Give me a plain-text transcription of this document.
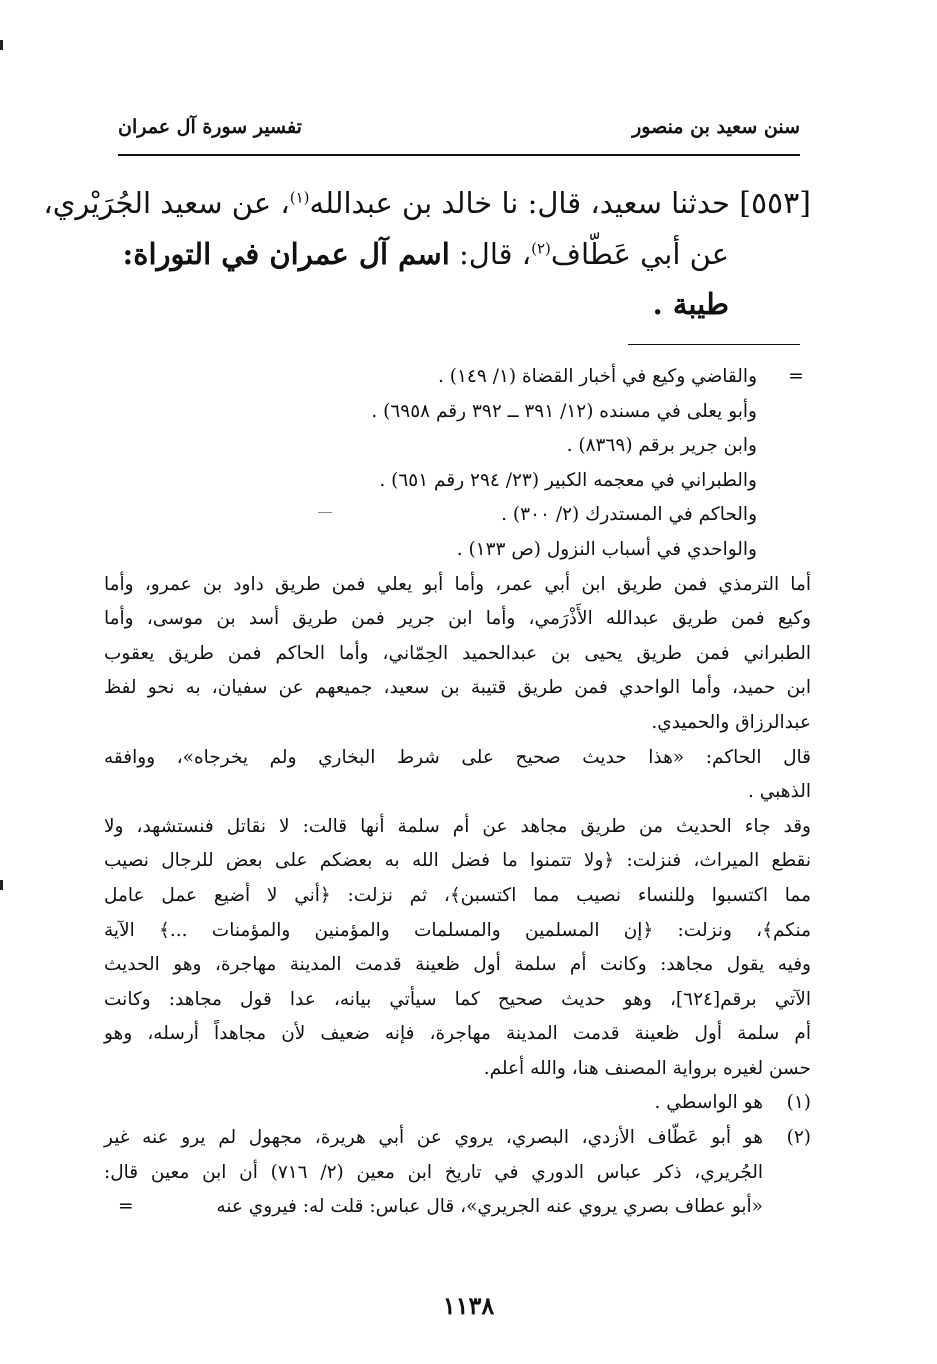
سنن سعيد بن منصور
تفسير سورة آل عمران
[٥٥٣] حدثنا سعيد، قال: نا خالد بن عبدالله$^{(١)}$، عن سعيد الجُرَيْري،
عن أبي عَطّاف$^{(٢)}$، قال: اسم آل عمران في التوراة:
طيبة .
=
والقاضي وكيع في أخبار القضاة (١/ ١٤٩) .
وأبو يعلى في مسنده (١٢/ ٣٩١ ــ ٣٩٢ رقم ٦٩٥٨) .
وابن جرير برقم (٨٣٦٩) .
والطبراني في معجمه الكبير (٢٣/ ٢٩٤ رقم ٦٥١) .
والحاكم في المستدرك (٢/ ٣٠٠) .
والواحدي في أسباب النزول (ص ١٣٣) .
أما الترمذي فمن طريق ابن أبي عمر، وأما أبو يعلي فمن طريق داود بن عمرو، وأما
وكيع فمن طريق عبدالله الأَذْرَمي، وأما ابن جرير فمن طريق أسد بن موسى، وأما
الطبراني فمن طريق يحيى بن عبدالحميد الحِمّاني، وأما الحاكم فمن طريق يعقوب
ابن حميد، وأما الواحدي فمن طريق قتيبة بن سعيد، جميعهم عن سفيان، به نحو لفظ
عبدالرزاق والحميدي.
قال الحاكم: «هذا حديث صحيح على شرط البخاري ولم يخرجاه»، ووافقه
الذهبي .
وقد جاء الحديث من طريق مجاهد عن أم سلمة أنها قالت: لا نقاتل فنستشهد، ولا
نقطع الميراث، فنزلت: ﴿ولا تتمنوا ما فضل الله به بعضكم على بعض للرجال نصيب
مما اكتسبوا وللنساء نصيب مما اكتسبن﴾، ثم نزلت: ﴿أني لا أضيع عمل عامل
منكم﴾، ونزلت: ﴿إن المسلمين والمسلمات والمؤمنين والمؤمنات ...﴾ الآية
وفيه يقول مجاهد: وكانت أم سلمة أول ظعينة قدمت المدينة مهاجرة، وهو الحديث
الآتي برقم[٦٢٤]، وهو حديث صحيح كما سيأتي بيانه، عدا قول مجاهد: وكانت
أم سلمة أول ظعينة قدمت المدينة مهاجرة، فإنه ضعيف لأن مجاهداً أرسله، وهو
حسن لغيره برواية المصنف هنا، والله أعلم.
(١)
هو الواسطي .
(٢)
هو أبو عَطّاف الأزدي، البصري، يروي عن أبي هريرة، مجهول لم يرو عنه غير
الجُريري، ذكر عباس الدوري في تاريخ ابن معين (٢/ ٧١٦) أن ابن معين قال:
«أبو عطاف بصري يروي عنه الجريري»، قال عباس: قلت له: فيروي عنه
=
١١٣٨
